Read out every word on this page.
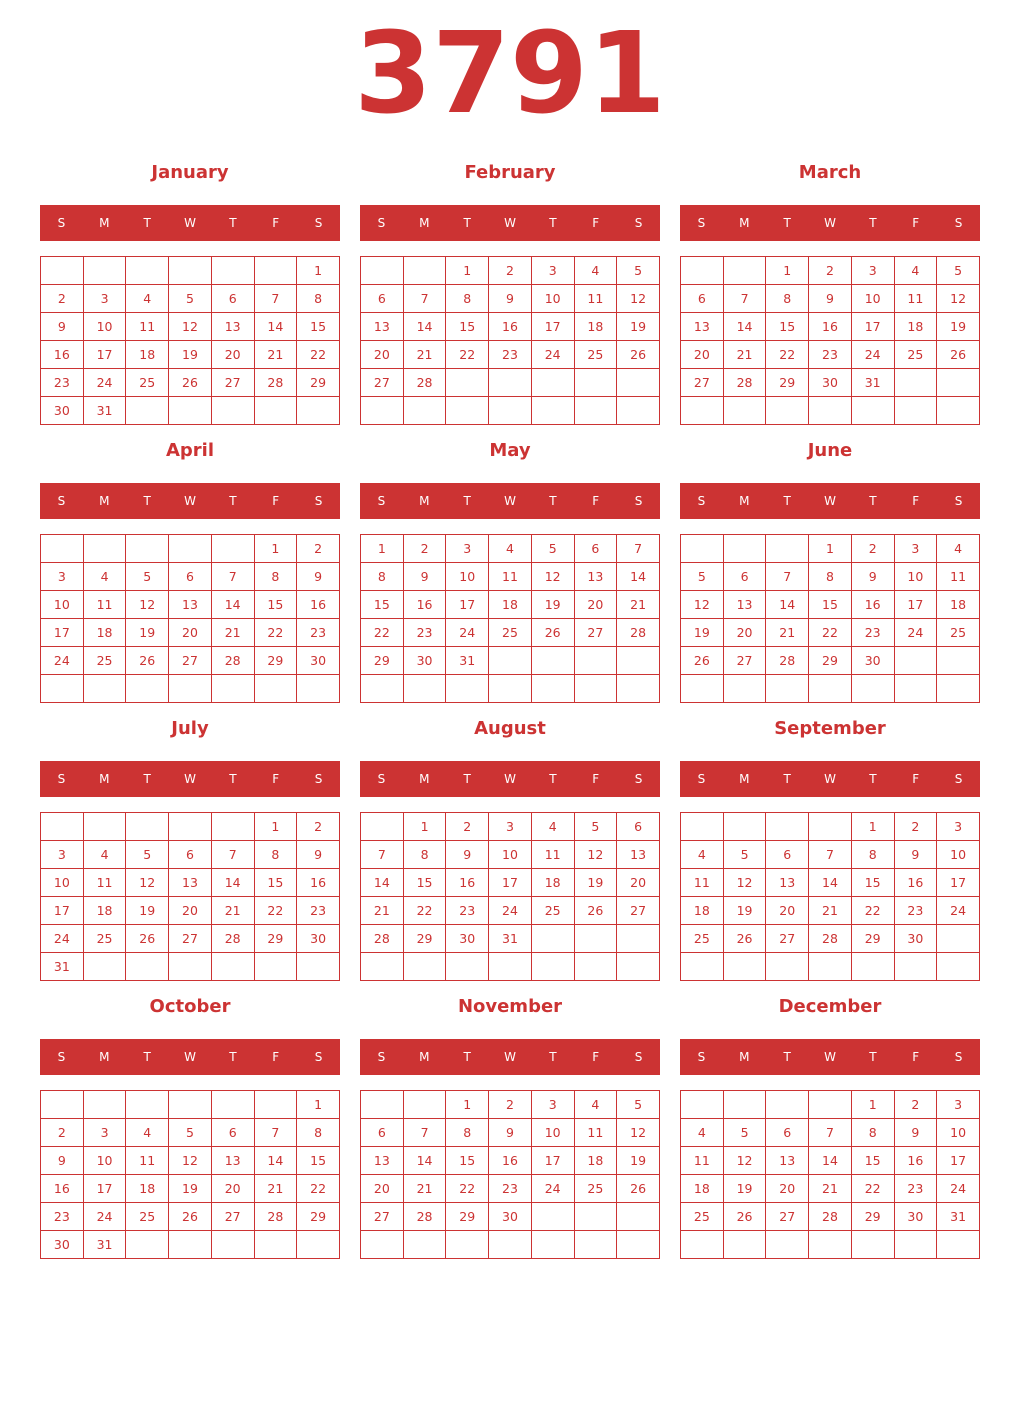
3791
January
S	M	T	W	T	F	S
						1
2	3	4	5	6	7	8
9	10	11	12	13	14	15
16	17	18	19	20	21	22
23	24	25	26	27	28	29
30	31					
February
S	M	T	W	T	F	S
		1	2	3	4	5
6	7	8	9	10	11	12
13	14	15	16	17	18	19
20	21	22	23	24	25	26
27	28					

March
S	M	T	W	T	F	S
		1	2	3	4	5
6	7	8	9	10	11	12
13	14	15	16	17	18	19
20	21	22	23	24	25	26
27	28	29	30	31		

April
S	M	T	W	T	F	S
					1	2
3	4	5	6	7	8	9
10	11	12	13	14	15	16
17	18	19	20	21	22	23
24	25	26	27	28	29	30

May
S	M	T	W	T	F	S
1	2	3	4	5	6	7
8	9	10	11	12	13	14
15	16	17	18	19	20	21
22	23	24	25	26	27	28
29	30	31				

June
S	M	T	W	T	F	S
			1	2	3	4
5	6	7	8	9	10	11
12	13	14	15	16	17	18
19	20	21	22	23	24	25
26	27	28	29	30		

July
S	M	T	W	T	F	S
					1	2
3	4	5	6	7	8	9
10	11	12	13	14	15	16
17	18	19	20	21	22	23
24	25	26	27	28	29	30
31						
August
S	M	T	W	T	F	S
	1	2	3	4	5	6
7	8	9	10	11	12	13
14	15	16	17	18	19	20
21	22	23	24	25	26	27
28	29	30	31			

September
S	M	T	W	T	F	S
				1	2	3
4	5	6	7	8	9	10
11	12	13	14	15	16	17
18	19	20	21	22	23	24
25	26	27	28	29	30	

October
S	M	T	W	T	F	S
						1
2	3	4	5	6	7	8
9	10	11	12	13	14	15
16	17	18	19	20	21	22
23	24	25	26	27	28	29
30	31					
November
S	M	T	W	T	F	S
		1	2	3	4	5
6	7	8	9	10	11	12
13	14	15	16	17	18	19
20	21	22	23	24	25	26
27	28	29	30			

December
S	M	T	W	T	F	S
				1	2	3
4	5	6	7	8	9	10
11	12	13	14	15	16	17
18	19	20	21	22	23	24
25	26	27	28	29	30	31
